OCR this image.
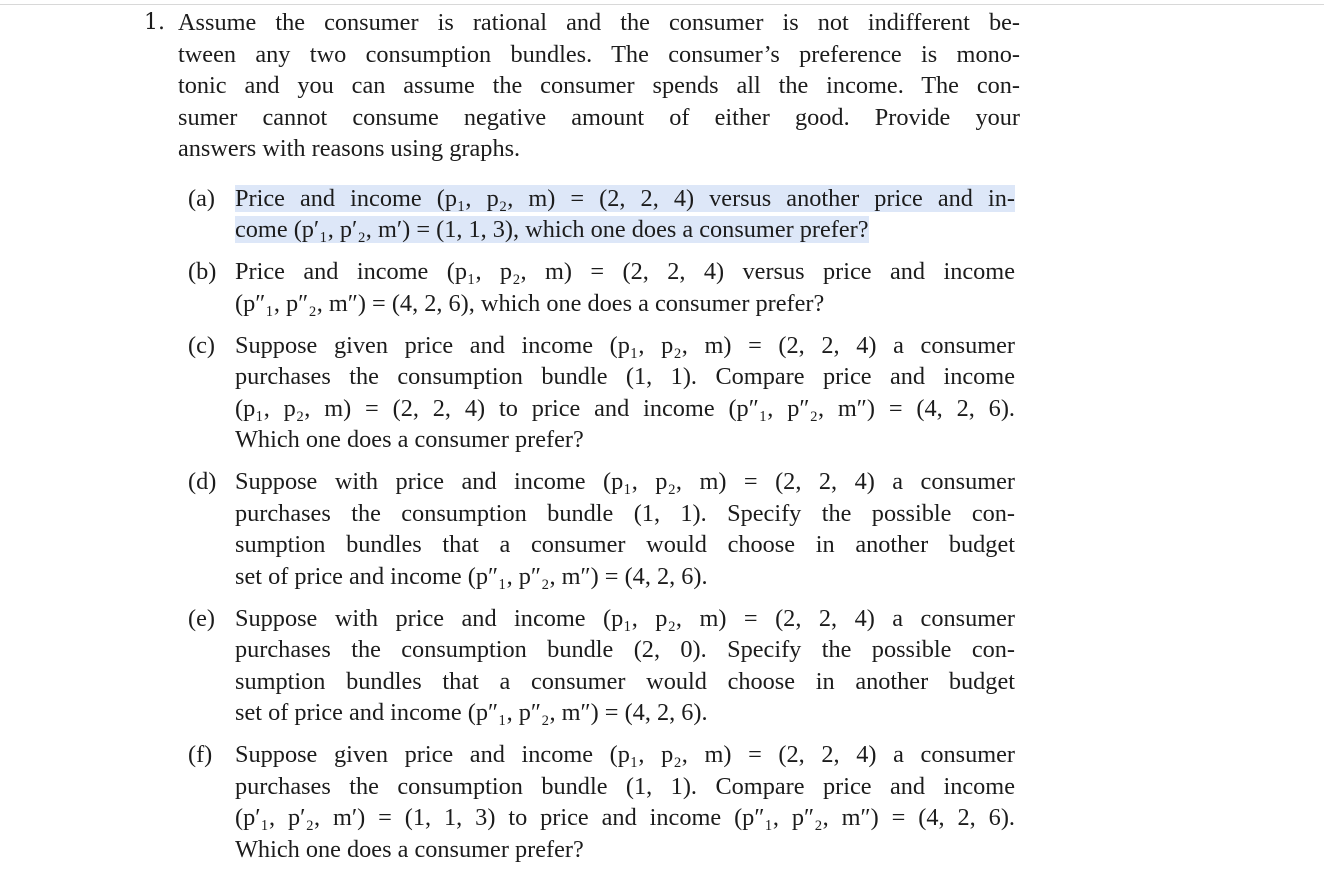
1. Assume the consumer is rational and the consumer is not indifferent be-
tween any two consumption bundles. The consumer’s preference is mono-
tonic and you can assume the consumer spends all the income. The con-
sumer cannot consume negative amount of either good. Provide your
answers with reasons using graphs.
(a) Price and income (p₁, p₂, m) = (2, 2, 4) versus another price and in-
come (p′₁, p′₂, m′) = (1, 1, 3), which one does a consumer prefer?
(b) Price and income (p₁, p₂, m) = (2, 2, 4) versus price and income
(p″₁, p″₂, m″) = (4, 2, 6), which one does a consumer prefer?
(c) Suppose given price and income (p₁, p₂, m) = (2, 2, 4) a consumer
purchases the consumption bundle (1, 1). Compare price and income
(p₁, p₂, m) = (2, 2, 4) to price and income (p″₁, p″₂, m″) = (4, 2, 6).
Which one does a consumer prefer?
(d) Suppose with price and income (p₁, p₂, m) = (2, 2, 4) a consumer
purchases the consumption bundle (1, 1). Specify the possible con-
sumption bundles that a consumer would choose in another budget
set of price and income (p″₁, p″₂, m″) = (4, 2, 6).
(e) Suppose with price and income (p₁, p₂, m) = (2, 2, 4) a consumer
purchases the consumption bundle (2, 0). Specify the possible con-
sumption bundles that a consumer would choose in another budget
set of price and income (p″₁, p″₂, m″) = (4, 2, 6).
(f) Suppose given price and income (p₁, p₂, m) = (2, 2, 4) a consumer
purchases the consumption bundle (1, 1). Compare price and income
(p′₁, p′₂, m′) = (1, 1, 3) to price and income (p″₁, p″₂, m″) = (4, 2, 6).
Which one does a consumer prefer?
